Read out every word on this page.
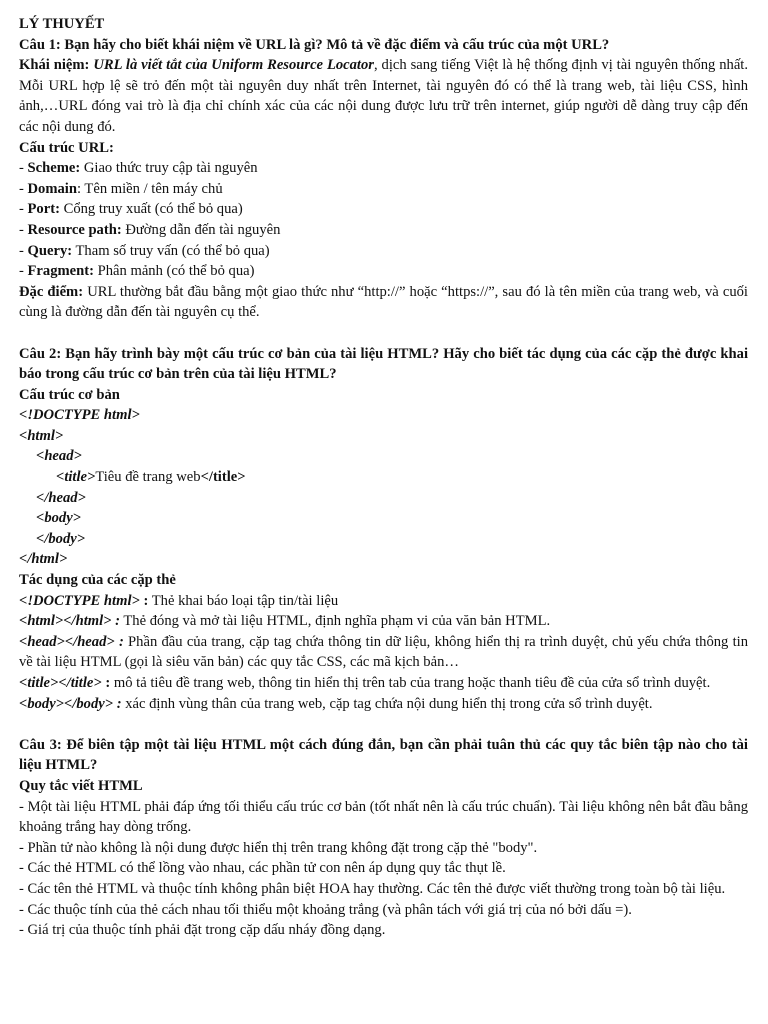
LÝ THUYẾT

Câu 1: Bạn hãy cho biết khái niệm về URL là gì? Mô tả về đặc điểm và cấu trúc của một URL?

Khái niệm: URL là viết tắt của Uniform Resource Locator, dịch sang tiếng Việt là hệ thống định vị tài nguyên thống nhất. Mỗi URL hợp lệ sẽ trỏ đến một tài nguyên duy nhất trên Internet, tài nguyên đó có thể là trang web, tài liệu CSS, hình ảnh,…URL đóng vai trò là địa chỉ chính xác của các nội dung được lưu trữ trên internet, giúp người dễ dàng truy cập đến các nội dung đó.

Cấu trúc URL:

- Scheme: Giao thức truy cập tài nguyên

- Domain: Tên miền / tên máy chủ

- Port: Cổng truy xuất (có thể bỏ qua)

- Resource path: Đường dẫn đến tài nguyên

- Query: Tham số truy vấn (có thể bỏ qua)

- Fragment: Phân mảnh (có thể bỏ qua)

Đặc điểm: URL thường bắt đầu bằng một giao thức như “http://” hoặc “https://”, sau đó là tên miền của trang web, và cuối cùng là đường dẫn đến tài nguyên cụ thể.

Câu 2: Bạn hãy trình bày một cấu trúc cơ bản của tài liệu HTML? Hãy cho biết tác dụng của các cặp thẻ được khai báo trong cấu trúc cơ bản trên của tài liệu HTML?

Cấu trúc cơ bản

<!DOCTYPE html>

<html>

<head>

<title>Tiêu đề trang web</title>

</head>

<body>

</body>

</html>

Tác dụng của các cặp thẻ

<!DOCTYPE html> : Thẻ khai báo loại tập tin/tài liệu

<html></html> : Thẻ đóng và mở tài liệu HTML, định nghĩa phạm vi của văn bản HTML.

<head></head> : Phần đầu của trang, cặp tag chứa thông tin dữ liệu, không hiển thị ra trình duyệt, chủ yếu chứa thông tin về tài liệu HTML (gọi là siêu văn bản) các quy tắc CSS, các mã kịch bản…

<title></title> : mô tả tiêu đề trang web, thông tin hiển thị trên tab của trang hoặc thanh tiêu đề của cửa sổ trình duyệt.

<body></body> : xác định vùng thân của trang web, cặp tag chứa nội dung hiển thị trong cửa sổ trình duyệt.

Câu 3: Để biên tập một tài liệu HTML một cách đúng đắn, bạn cần phải tuân thủ các quy tắc biên tập nào cho tài liệu HTML?

Quy tắc viết HTML

- Một tài liệu HTML phải đáp ứng tối thiểu cấu trúc cơ bản (tốt nhất nên là cấu trúc chuẩn). Tài liệu không nên bắt đầu bằng khoảng trắng hay dòng trống.

- Phần tử nào không là nội dung được hiển thị trên trang không đặt trong cặp thẻ "body".

- Các thẻ HTML có thể lồng vào nhau, các phần tử con nên áp dụng quy tắc thụt lề.

- Các tên thẻ HTML và thuộc tính không phân biệt HOA hay thường. Các tên thẻ được viết thường trong toàn bộ tài liệu.

- Các thuộc tính của thẻ cách nhau tối thiểu một khoảng trắng (và phân tách với giá trị của nó bởi dấu =).

- Giá trị của thuộc tính phải đặt trong cặp dấu nháy đồng dạng.
